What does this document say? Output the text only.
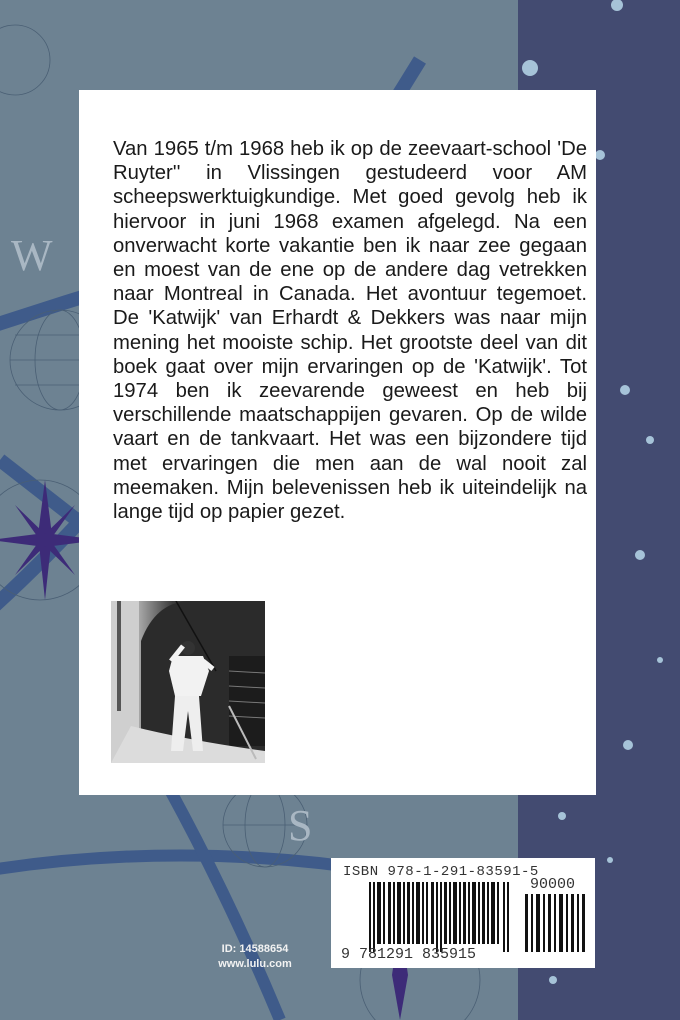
W
S
Van 1965 t/m 1968 heb ik op de zeevaart-school 'De Ruyter'' in Vlissingen gestudeerd voor AM scheepswerktuigkundige. Met goed gevolg heb ik hiervoor in juni 1968 examen afgelegd. Na een onverwacht korte vakantie ben ik naar zee gegaan en moest van de ene op de andere dag vetrekken naar Montreal in Canada. Het avontuur tegemoet. De 'Katwijk' van Erhardt & Dekkers was naar mijn mening het mooiste schip. Het grootste deel van dit boek gaat over mijn ervaringen op de 'Katwijk'. Tot 1974 ben ik zeevarende geweest en heb bij verschillende maatschappijen gevaren. Op de wilde vaart en de tankvaart. Het was een bijzondere tijd met ervaringen die men aan de wal nooit zal meemaken. Mijn belevenissen heb ik uiteindelijk na lange tijd op papier gezet.
ISBN 978-1-291-83591-5
90000
9 781291 835915
ID: 14588654
www.lulu.com
